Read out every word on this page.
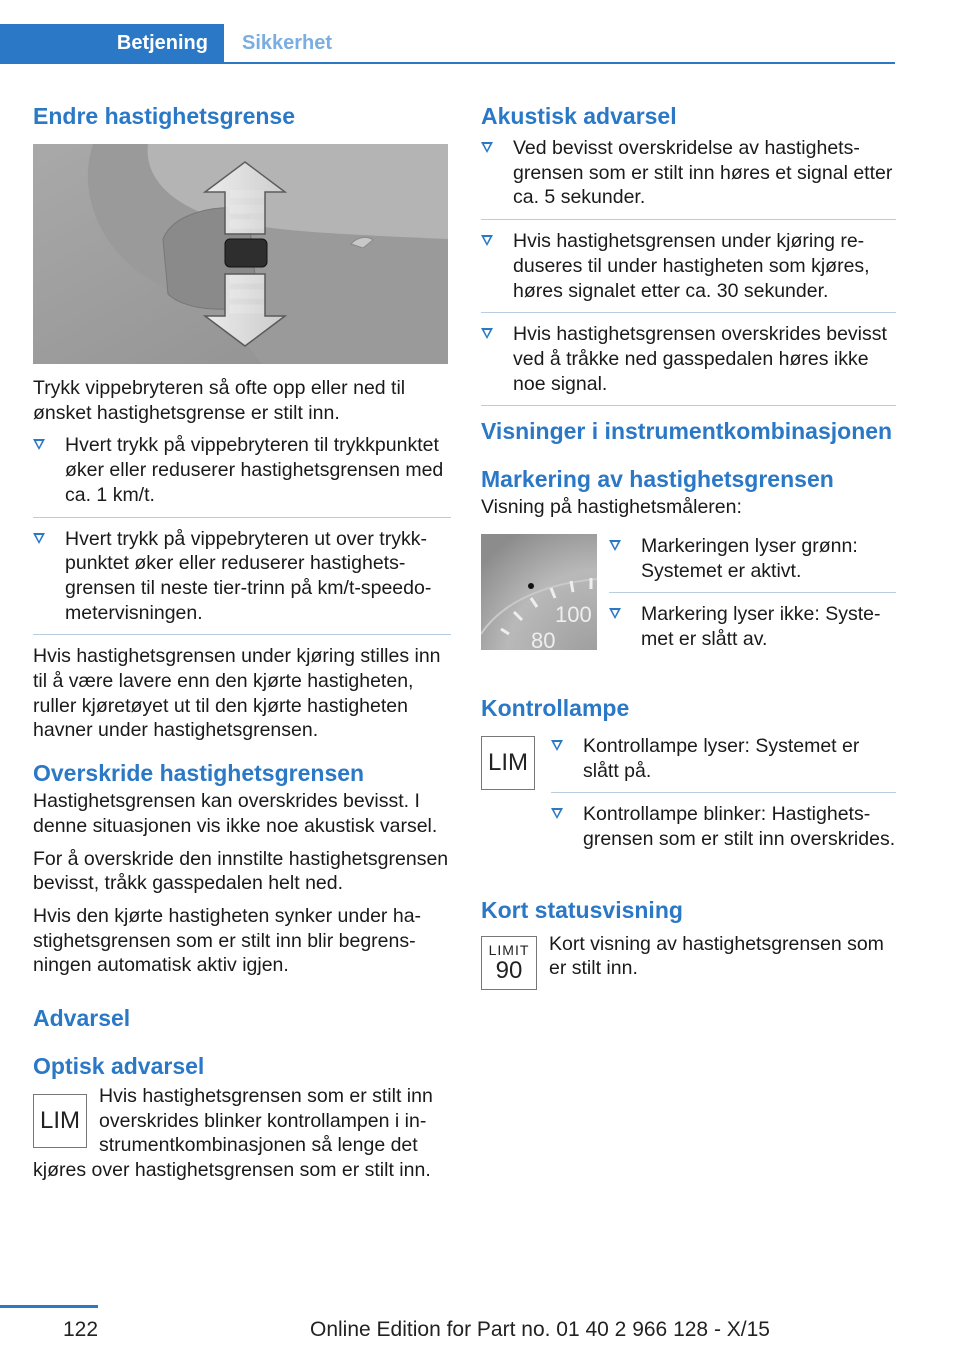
Betjening	Sikkerhet
Endre hastighetsgrense

Trykk vippebryteren så ofte opp eller ned til ønsket hastighetsgrense er stilt inn.

Hvert trykk på vippebryteren til trykkpunktet øker eller reduserer hastighetsgrensen med ca. 1 km/t.
Hvert trykk på vippebryteren ut over trykkpunktet øker eller reduserer hastighetsgrensen til neste tier-trinn på km/t-speedometervisningen.

Hvis hastighetsgrensen under kjøring stilles inn til å være lavere enn den kjørte hastigheten, ruller kjøretøyet ut til den kjørte hastigheten havner under hastighetsgrensen.

Overskride hastighetsgrensen

Hastighetsgrensen kan overskrides bevisst. I denne situasjonen vis ikke noe akustisk varsel.

For å overskride den innstilte hastighetsgrensen bevisst, tråkk gasspedalen helt ned.

Hvis den kjørte hastigheten synker under hastighetsgrensen som er stilt inn blir begrensningen automatisk aktiv igjen.

Advarsel
Optisk advarsel
LIM

Hvis hastighetsgrensen som er stilt inn overskrides blinker kontrollampen i instrumentkombinasjonen så lenge det kjøres over hastighetsgrensen som er stilt inn.

Akustisk advarsel
Ved bevisst overskridelse av hastighetsgrensen som er stilt inn høres et signal etter ca. 5 sekunder.
Hvis hastighetsgrensen under kjøring reduseres til under hastigheten som kjøres, høres signalet etter ca. 30 sekunder.
Hvis hastighetsgrensen overskrides bevisst ved å tråkke ned gasspedalen høres ikke noe signal.
Visninger i instrumentkombinasjonen
Markering av hastighetsgrensen

Visning på hastighetsmåleren:

100
80
Markeringen lyser grønn: Systemet er aktivt.
Markering lyser ikke: Systemet er slått av.
Kontrollampe
LIM
Kontrollampe lyser: Systemet er slått på.
Kontrollampe blinker: Hastighetsgrensen som er stilt inn overskrides.
Kort statusvisning
LIMIT
90

Kort visning av hastighetsgrensen som er stilt inn.

122	Online Edition for Part no. 01 40 2 966 128 - X/15
